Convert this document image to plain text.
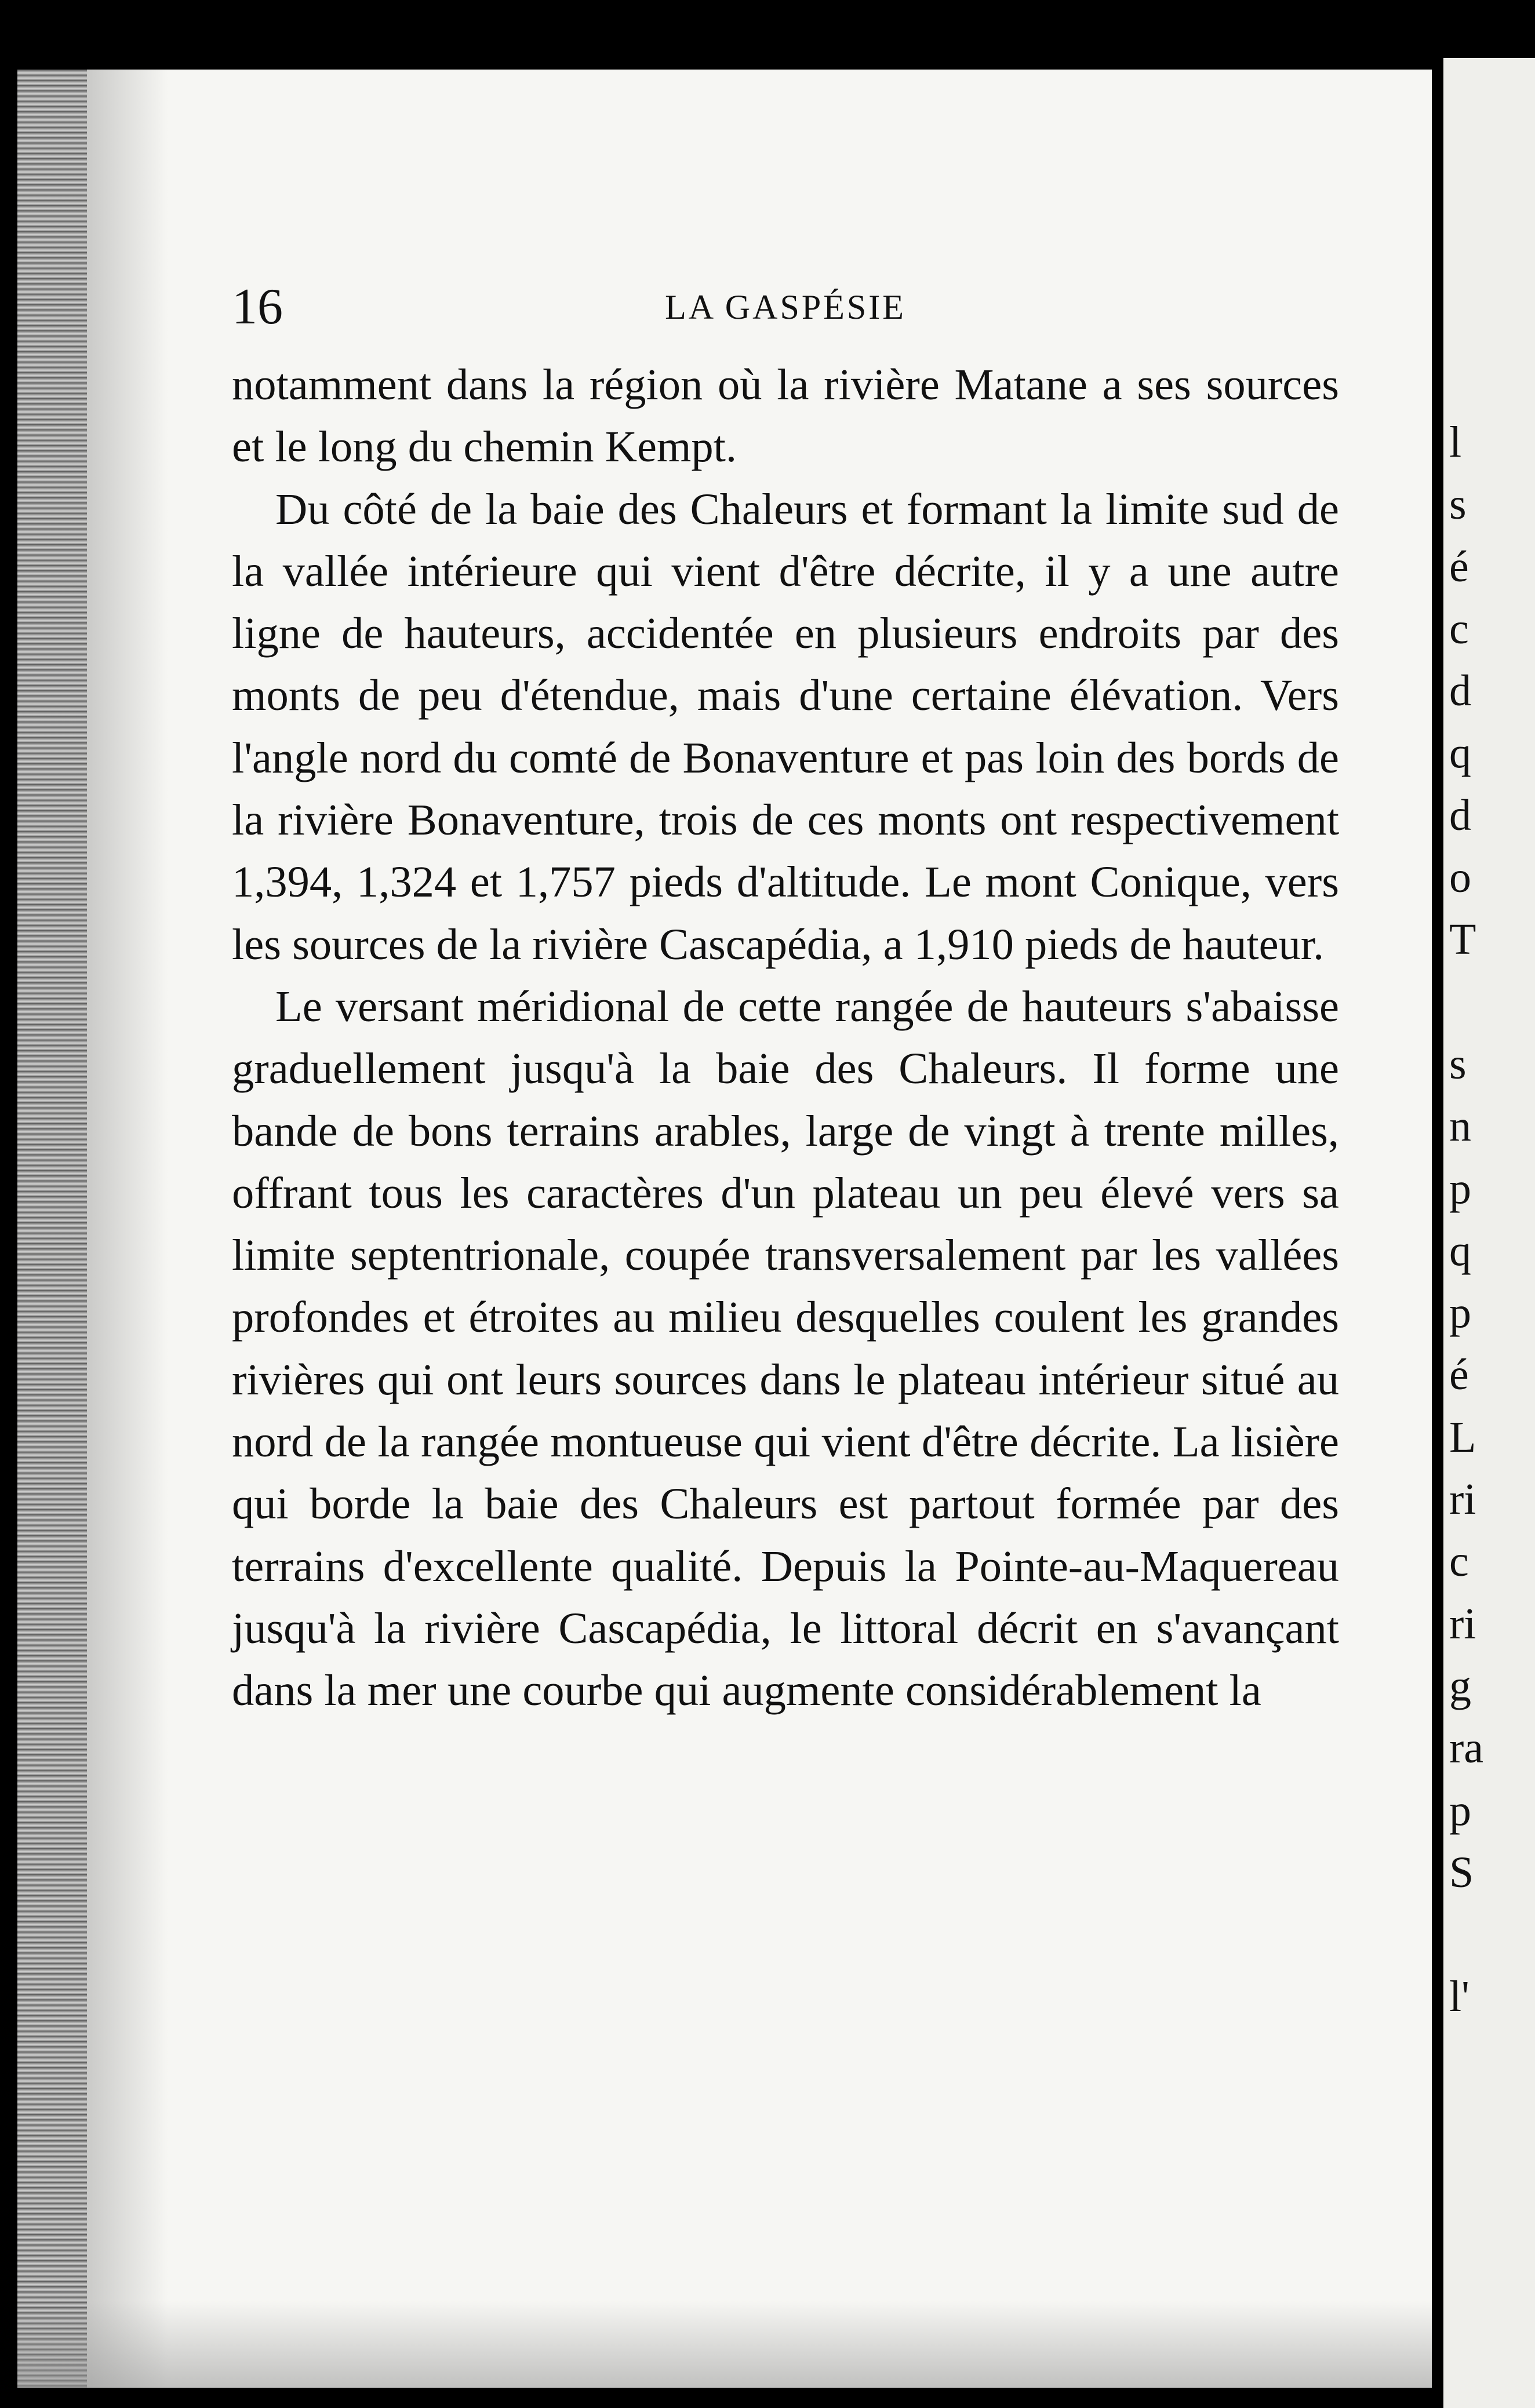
16	LA GASPÉSIE

notamment dans la région où la rivière Matane a ses sources et le long du chemin Kempt.

Du côté de la baie des Chaleurs et formant la limite sud de la vallée intérieure qui vient d'être décrite, il y a une autre ligne de hauteurs, accidentée en plusieurs endroits par des monts de peu d'étendue, mais d'une certaine élévation. Vers l'angle nord du comté de Bonaventure et pas loin des bords de la rivière Bonaventure, trois de ces monts ont respectivement 1,394, 1,324 et 1,757 pieds d'altitude. Le mont Conique, vers les sources de la rivière Cascapédia, a 1,910 pieds de hauteur.

Le versant méridional de cette rangée de hauteurs s'abaisse graduellement jusqu'à la baie des Chaleurs. Il forme une bande de bons terrains arables, large de vingt à trente milles, offrant tous les caractères d'un plateau un peu élevé vers sa limite septentrionale, coupée transversalement par les vallées profondes et étroites au milieu desquelles coulent les grandes rivières qui ont leurs sources dans le plateau intérieur situé au nord de la rangée montueuse qui vient d'être décrite. La lisière qui borde la baie des Chaleurs est partout formée par des terrains d'excellente qualité. Depuis la Pointe-au-Maquereau jusqu'à la rivière Cascapédia, le littoral décrit en s'avançant dans la mer une courbe qui augmente considérablement la

l
s
é
c
d
q
d
o
T
s
n
p
q
p
é
L
ri
c
ri
g
ra
p
S
l'
